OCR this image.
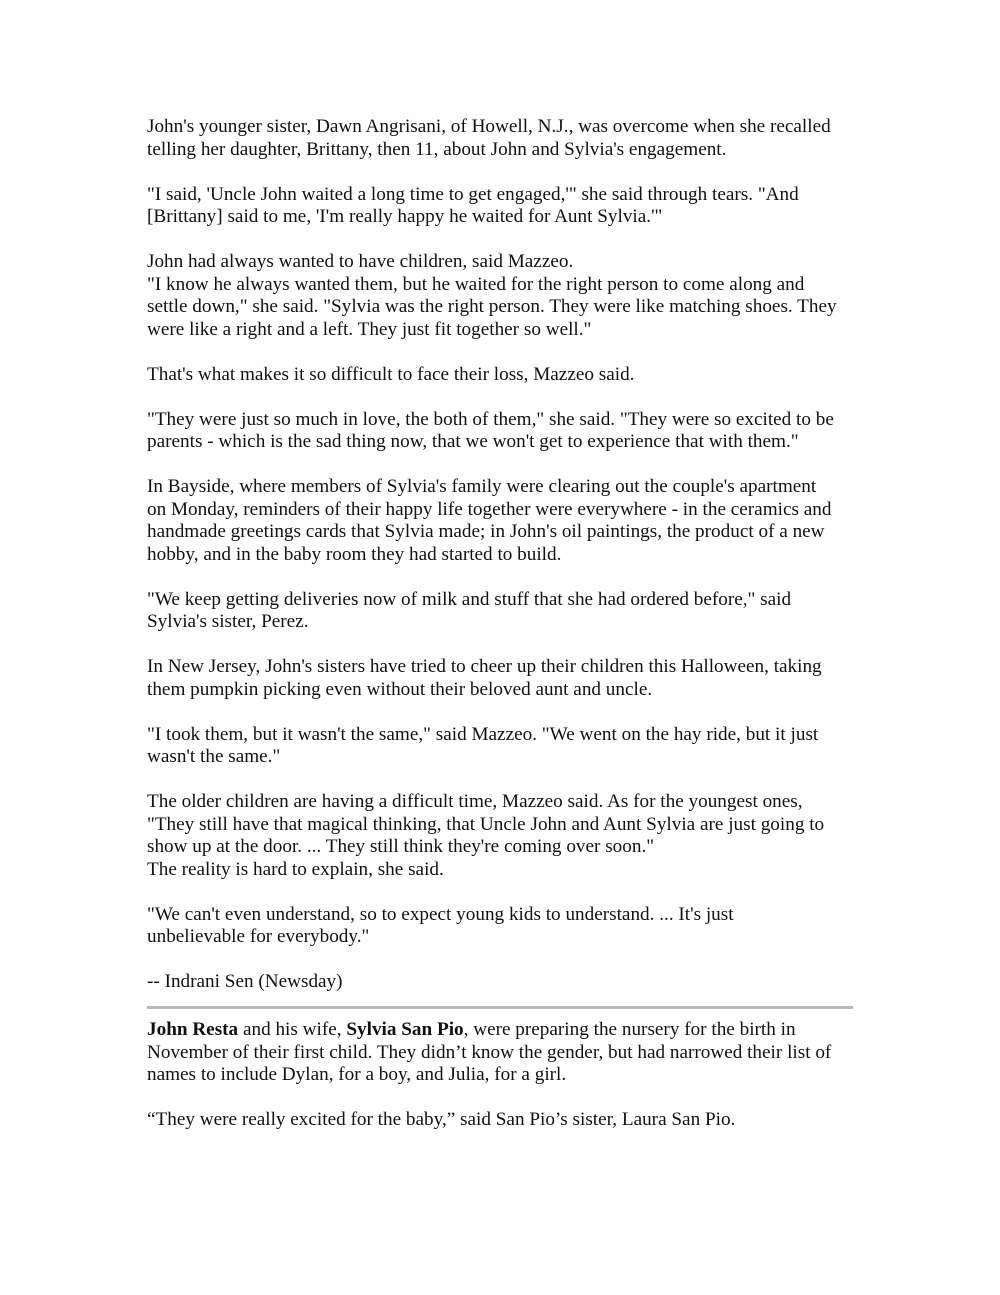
John's younger sister, Dawn Angrisani, of Howell, N.J., was overcome when she recalled
telling her daughter, Brittany, then 11, about John and Sylvia's engagement.

"I said, 'Uncle John waited a long time to get engaged,'" she said through tears. "And
[Brittany] said to me, 'I'm really happy he waited for Aunt Sylvia.'"

John had always wanted to have children, said Mazzeo.
"I know he always wanted them, but he waited for the right person to come along and
settle down," she said. "Sylvia was the right person. They were like matching shoes. They
were like a right and a left. They just fit together so well."

That's what makes it so difficult to face their loss, Mazzeo said.

"They were just so much in love, the both of them," she said. "They were so excited to be
parents - which is the sad thing now, that we won't get to experience that with them."

In Bayside, where members of Sylvia's family were clearing out the couple's apartment
on Monday, reminders of their happy life together were everywhere - in the ceramics and
handmade greetings cards that Sylvia made; in John's oil paintings, the product of a new
hobby, and in the baby room they had started to build.

"We keep getting deliveries now of milk and stuff that she had ordered before," said
Sylvia's sister, Perez.

In New Jersey, John's sisters have tried to cheer up their children this Halloween, taking
them pumpkin picking even without their beloved aunt and uncle.

"I took them, but it wasn't the same," said Mazzeo. "We went on the hay ride, but it just
wasn't the same."

The older children are having a difficult time, Mazzeo said. As for the youngest ones,
"They still have that magical thinking, that Uncle John and Aunt Sylvia are just going to
show up at the door. ... They still think they're coming over soon."
The reality is hard to explain, she said.

"We can't even understand, so to expect young kids to understand. ... It's just
unbelievable for everybody."

-- Indrani Sen (Newsday)

John Resta and his wife, Sylvia San Pio, were preparing the nursery for the birth in
November of their first child. They didn’t know the gender, but had narrowed their list of
names to include Dylan, for a boy, and Julia, for a girl.

“They were really excited for the baby,” said San Pio’s sister, Laura San Pio.
